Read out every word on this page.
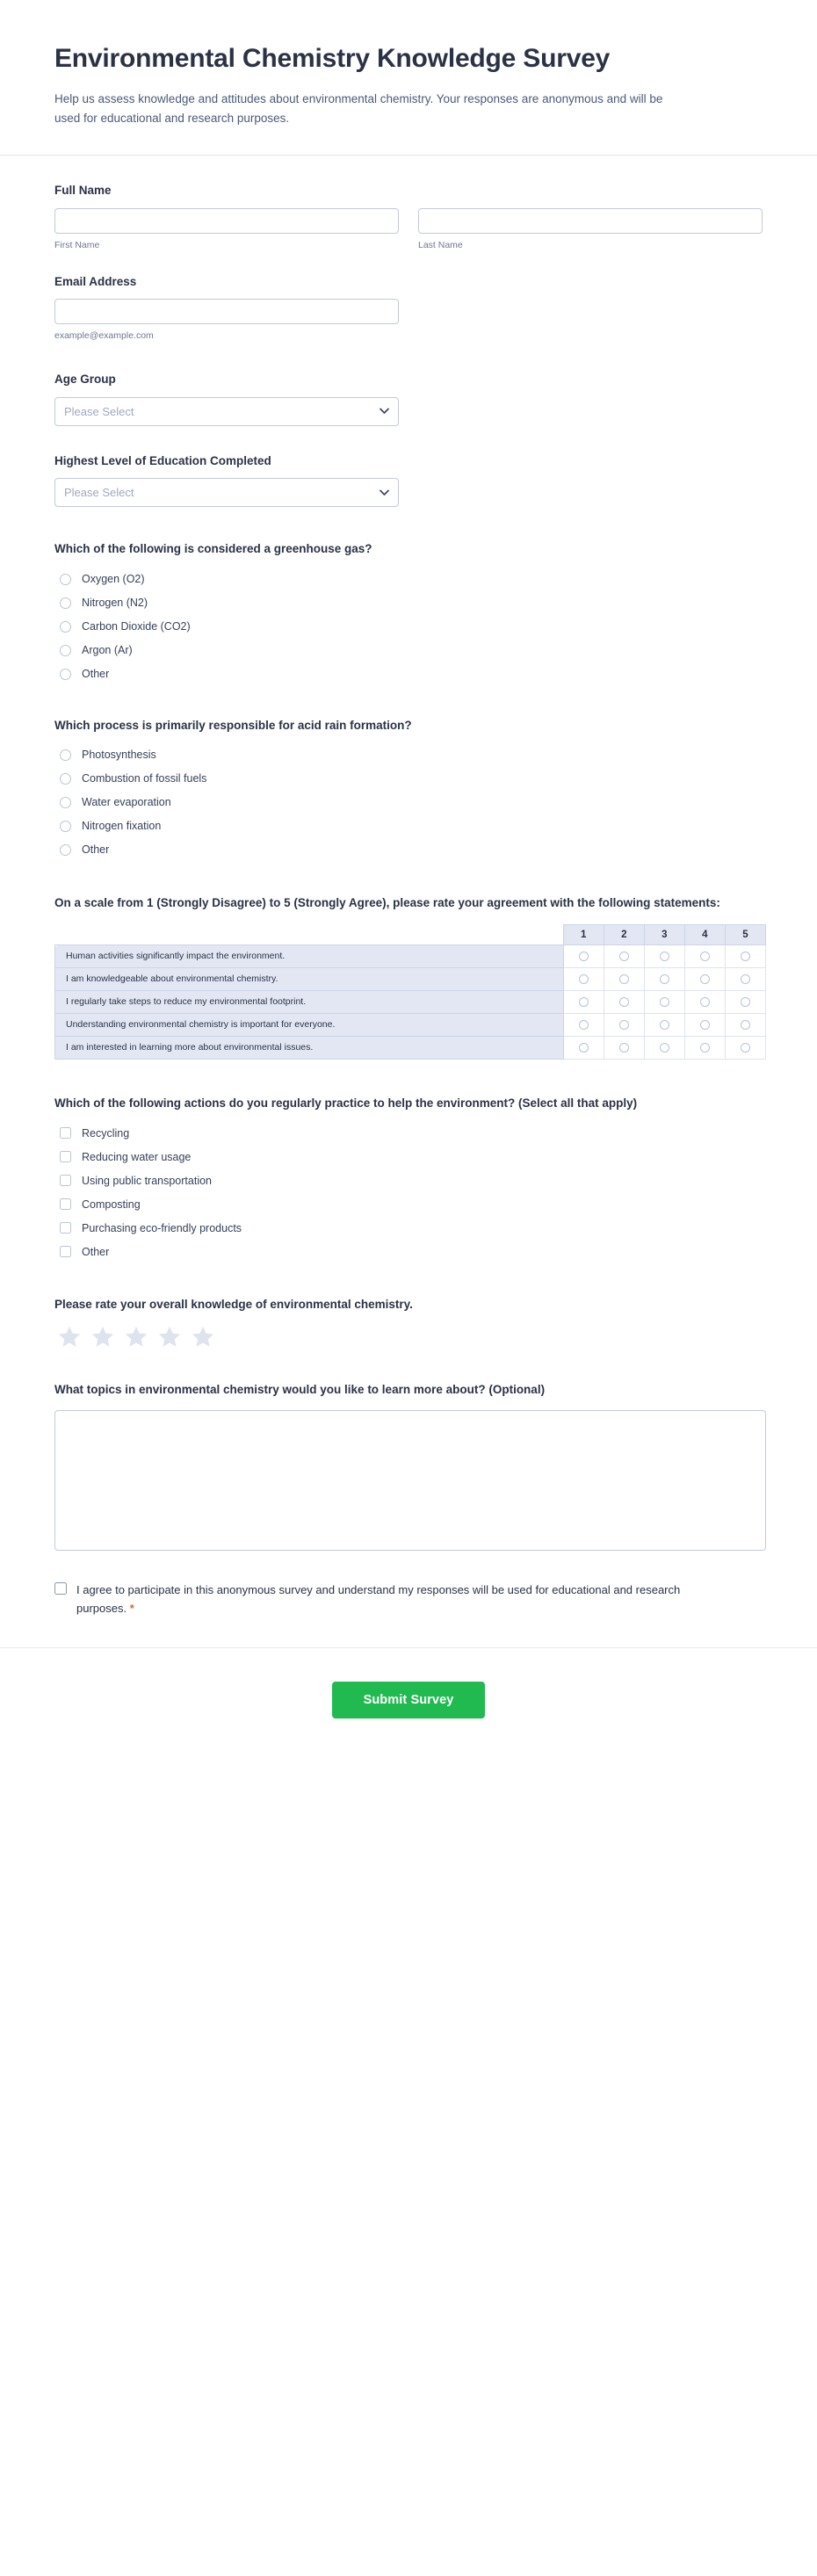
Environmental Chemistry Knowledge Survey

Help us assess knowledge and attitudes about environmental chemistry. Your responses are anonymous and will be used for educational and research purposes.

Full Name
First Name	Last Name
Email Address
example@example.com
Age Group
Please Select
Highest Level of Education Completed
Please Select
Which of the following is considered a greenhouse gas?
Oxygen (O2)
Nitrogen (N2)
Carbon Dioxide (CO2)
Argon (Ar)
Other
Which process is primarily responsible for acid rain formation?
Photosynthesis
Combustion of fossil fuels
Water evaporation
Nitrogen fixation
Other
On a scale from 1 (Strongly Disagree) to 5 (Strongly Agree), please rate your agreement with the following statements:
	1	2	3	4	5
Human activities significantly impact the environment.					
I am knowledgeable about environmental chemistry.					
I regularly take steps to reduce my environmental footprint.					
Understanding environmental chemistry is important for everyone.					
I am interested in learning more about environmental issues.					
Which of the following actions do you regularly practice to help the environment? (Select all that apply)
Recycling
Reducing water usage
Using public transportation
Composting
Purchasing eco-friendly products
Other
Please rate your overall knowledge of environmental chemistry.
What topics in environmental chemistry would you like to learn more about? (Optional)
I agree to participate in this anonymous survey and understand my responses will be used for educational and research purposes. *
Submit Survey
